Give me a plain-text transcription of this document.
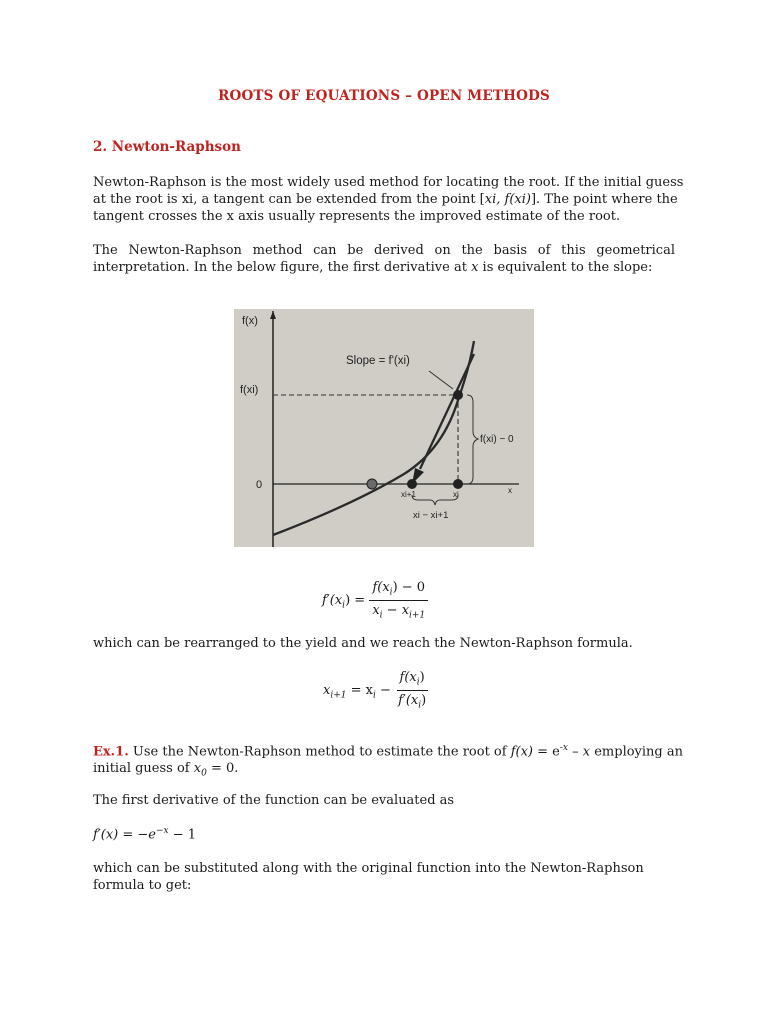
ROOTS OF EQUATIONS – OPEN METHODS
2. Newton-Raphson
Newton-Raphson is the most widely used method for locating the root. If the initial guess
at the root is xi, a tangent can be extended from the point [xi, f(xi)]. The point where the
tangent crosses the x axis usually represents the improved estimate of the root.
The Newton-Raphson method can be derived on the basis of this geometrical
interpretation. In the below figure, the first derivative at x is equivalent to the slope:
f(x)
f(xi)
0
Slope = f'(xi)
f(xi) − 0
x
xi+1	xi
xi − xi+1
$f'(x_i) = \frac{f(x_i) - 0}{x_i - x_{i+1}}$
which can be rearranged to the yield and we reach the Newton-Raphson formula.
$x_{i+1} = x_i - \frac{f(x_i)}{f'(x_i)}$
Ex.1. Use the Newton-Raphson method to estimate the root of $f(x) = e^{-x} - x$ employing an
initial guess of $x_0 = 0$.
The first derivative of the function can be evaluated as
$f'(x) = -e^{-x} - 1$
which can be substituted along with the original function into the Newton-Raphson
formula to get:
